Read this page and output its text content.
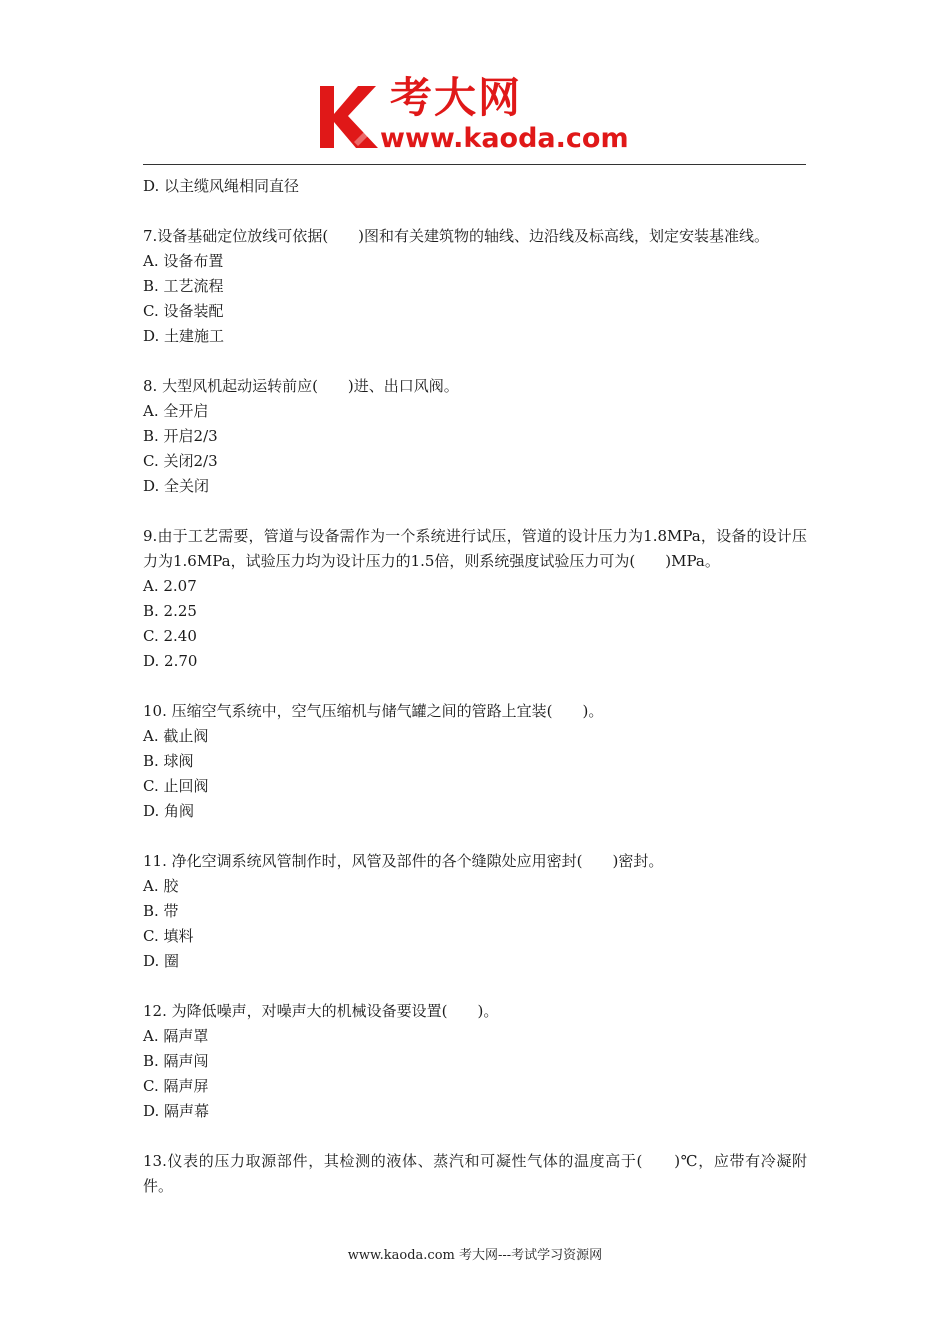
考大网
www.kaoda.com

D. 以主缆风绳相同直径

7.设备基础定位放线可依据(　　)图和有关建筑物的轴线、边沿线及标高线，划定安装基准线。

A. 设备布置

B. 工艺流程

C. 设备装配

D. 土建施工

8. 大型风机起动运转前应(　　)进、出口风阀。

A. 全开启

B. 开启2/3

C. 关闭2/3

D. 全关闭

9.由于工艺需要，管道与设备需作为一个系统进行试压，管道的设计压力为1.8MPa，设备的设计压力为1.6MPa，试验压力均为设计压力的1.5倍，则系统强度试验压力可为(　　)MPa。

A. 2.07

B. 2.25

C. 2.40

D. 2.70

10. 压缩空气系统中，空气压缩机与储气罐之间的管路上宜装(　　)。

A. 截止阀

B. 球阀

C. 止回阀

D. 角阀

11. 净化空调系统风管制作时，风管及部件的各个缝隙处应用密封(　　)密封。

A. 胶

B. 带

C. 填料

D. 圈

12. 为降低噪声，对噪声大的机械设备要设置(　　)。

A. 隔声罩

B. 隔声闯

C. 隔声屏

D. 隔声幕

13.仪表的压力取源部件，其检测的液体、蒸汽和可凝性气体的温度高于(　　)℃，应带有冷凝附件。

www.kaoda.com 考大网---考试学习资源网
